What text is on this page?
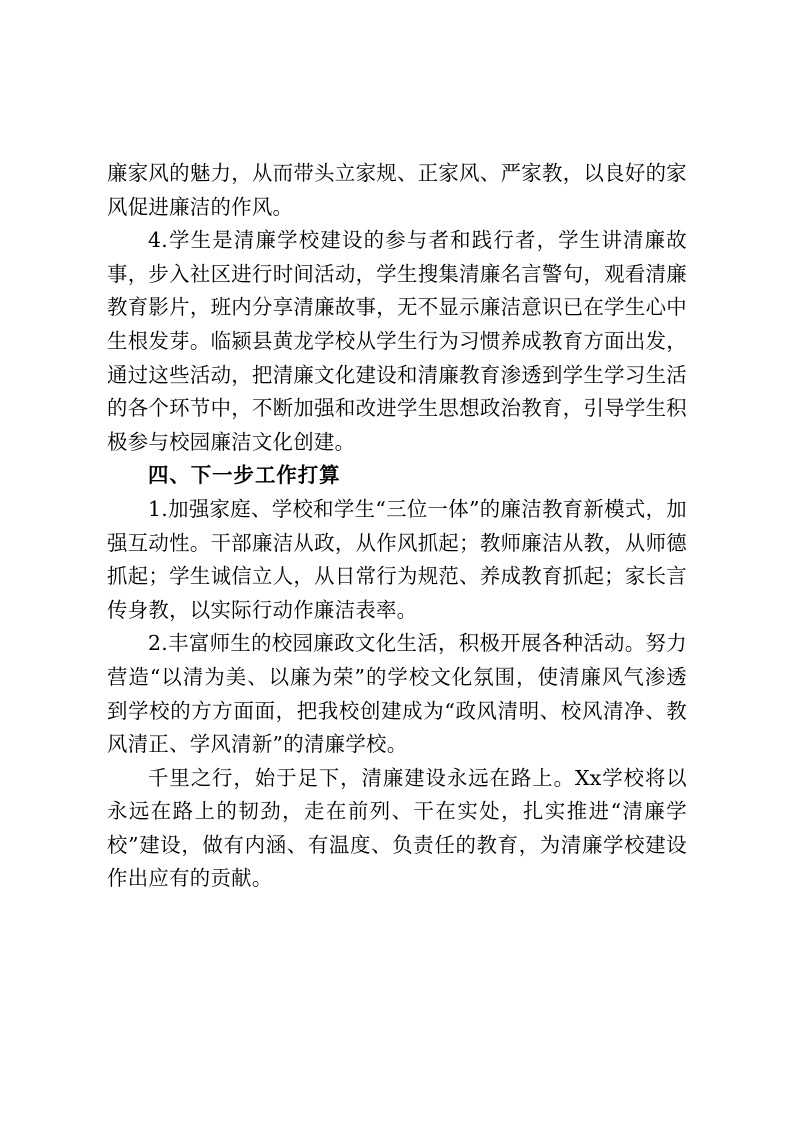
廉家风的魅力，从而带头立家规、正家风、严家教，以良好的家风促进廉洁的作风。

4.学生是清廉学校建设的参与者和践行者，学生讲清廉故事，步入社区进行时间活动，学生搜集清廉名言警句，观看清廉教育影片，班内分享清廉故事，无不显示廉洁意识已在学生心中生根发芽。临颍县黄龙学校从学生行为习惯养成教育方面出发，通过这些活动，把清廉文化建设和清廉教育渗透到学生学习生活的各个环节中，不断加强和改进学生思想政治教育，引导学生积极参与校园廉洁文化创建。

四、下一步工作打算

1.加强家庭、学校和学生“三位一体”的廉洁教育新模式，加强互动性。干部廉洁从政，从作风抓起；教师廉洁从教，从师德抓起；学生诚信立人，从日常行为规范、养成教育抓起；家长言传身教，以实际行动作廉洁表率。

2.丰富师生的校园廉政文化生活，积极开展各种活动。努力营造“以清为美、以廉为荣”的学校文化氛围，使清廉风气渗透到学校的方方面面，把我校创建成为“政风清明、校风清净、教风清正、学风清新”的清廉学校。

千里之行，始于足下，清廉建设永远在路上。Xx学校将以永远在路上的韧劲，走在前列、干在实处，扎实推进“清廉学校”建设，做有内涵、有温度、负责任的教育，为清廉学校建设作出应有的贡献。
